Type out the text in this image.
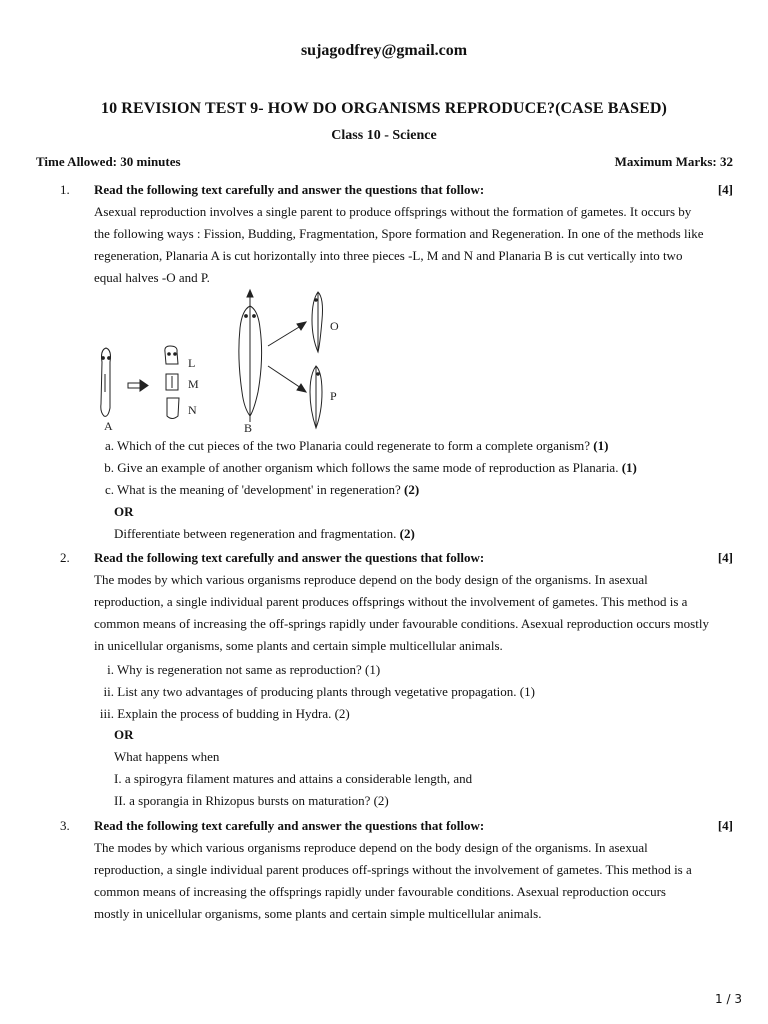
sujagodfrey@gmail.com
10 REVISION TEST 9- HOW DO ORGANISMS REPRODUCE?(CASE BASED)
Class 10 - Science
Time Allowed: 30 minutes	Maximum Marks: 32
1. Read the following text carefully and answer the questions that follow:	[4]
Asexual reproduction involves a single parent to produce offsprings without the formation of gametes. It occurs by the following ways : Fission, Budding, Fragmentation, Spore formation and Regeneration. In one of the methods like regeneration, Planaria A is cut horizontally into three pieces -L, M and N and Planaria B is cut vertically into two equal halves -O and P.
L
M
N
A	B
O
P
a. Which of the cut pieces of the two Planaria could regenerate to form a complete organism? (1)
b. Give an example of another organism which follows the same mode of reproduction as Planaria. (1)
c. What is the meaning of 'development' in regeneration? (2)
OR
Differentiate between regeneration and fragmentation. (2)
2. Read the following text carefully and answer the questions that follow:	[4]
The modes by which various organisms reproduce depend on the body design of the organisms. In asexual reproduction, a single individual parent produces offsprings without the involvement of gametes. This method is a common means of increasing the off-springs rapidly under favourable conditions. Asexual reproduction occurs mostly in unicellular organisms, some plants and certain simple multicellular animals.
i. Why is regeneration not same as reproduction? (1)
ii. List any two advantages of producing plants through vegetative propagation. (1)
iii. Explain the process of budding in Hydra. (2)
OR
What happens when
I. a spirogyra filament matures and attains a considerable length, and
II. a sporangia in Rhizopus bursts on maturation? (2)
3. Read the following text carefully and answer the questions that follow:	[4]
The modes by which various organisms reproduce depend on the body design of the organisms. In asexual reproduction, a single individual parent produces off-springs without the involvement of gametes. This method is a common means of increasing the offsprings rapidly under favourable conditions. Asexual reproduction occurs mostly in unicellular organisms, some plants and certain simple multicellular animals.
1 / 3
